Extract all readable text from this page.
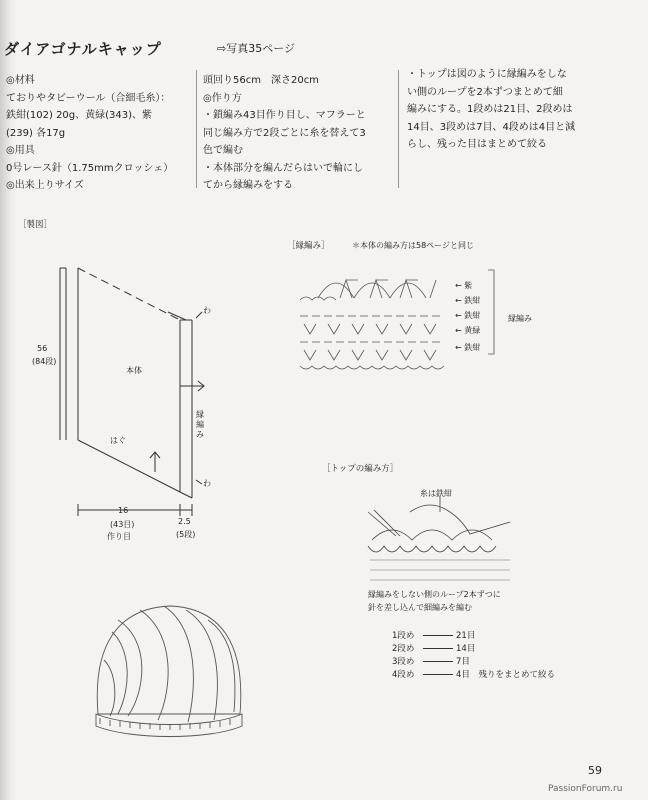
ダイアゴナルキャップ	⇨写真35ページ
◎材料
ておりやタビーウール（合細毛糸）：
鉄紺(102) 20g、黄緑(343)、紫
(239) 各17g
◎用具
0号レース針（1.75mmクロッシェ）
◎出来上りサイズ
頭回り56cm　深さ20cm
◎作り方
・鎖編み43目作り目し、マフラーと
同じ編み方で2段ごとに糸を替えて3
色で編む
・本体部分を編んだらはいで輪にし
てから縁編みをする
・トップは図のように縁編みをしな
い側のループを2本ずつまとめて細
編みにする。1段めは21目、2段めは
14目、3段めは7目、4段めは4目と減
らし、残った目はまとめて絞る
［製図］
56
(84段)
本体
はぐ
わ
わ
縁編み
16
(43目)
作り目
2.5
(5段)
［縁編み］	＊本体の編み方は58ページと同じ
← 紫
← 鉄紺
← 鉄紺
← 黄緑
← 鉄紺
縁編み
［トップの編み方］
糸は鉄紺
縁編みをしない側のループ2本ずつに
針を差し込んで細編みを編む
1段め	21目
2段め	14目
3段め	7目
4段め	4目　 残りをまとめて絞る
59
PassionForum.ru
